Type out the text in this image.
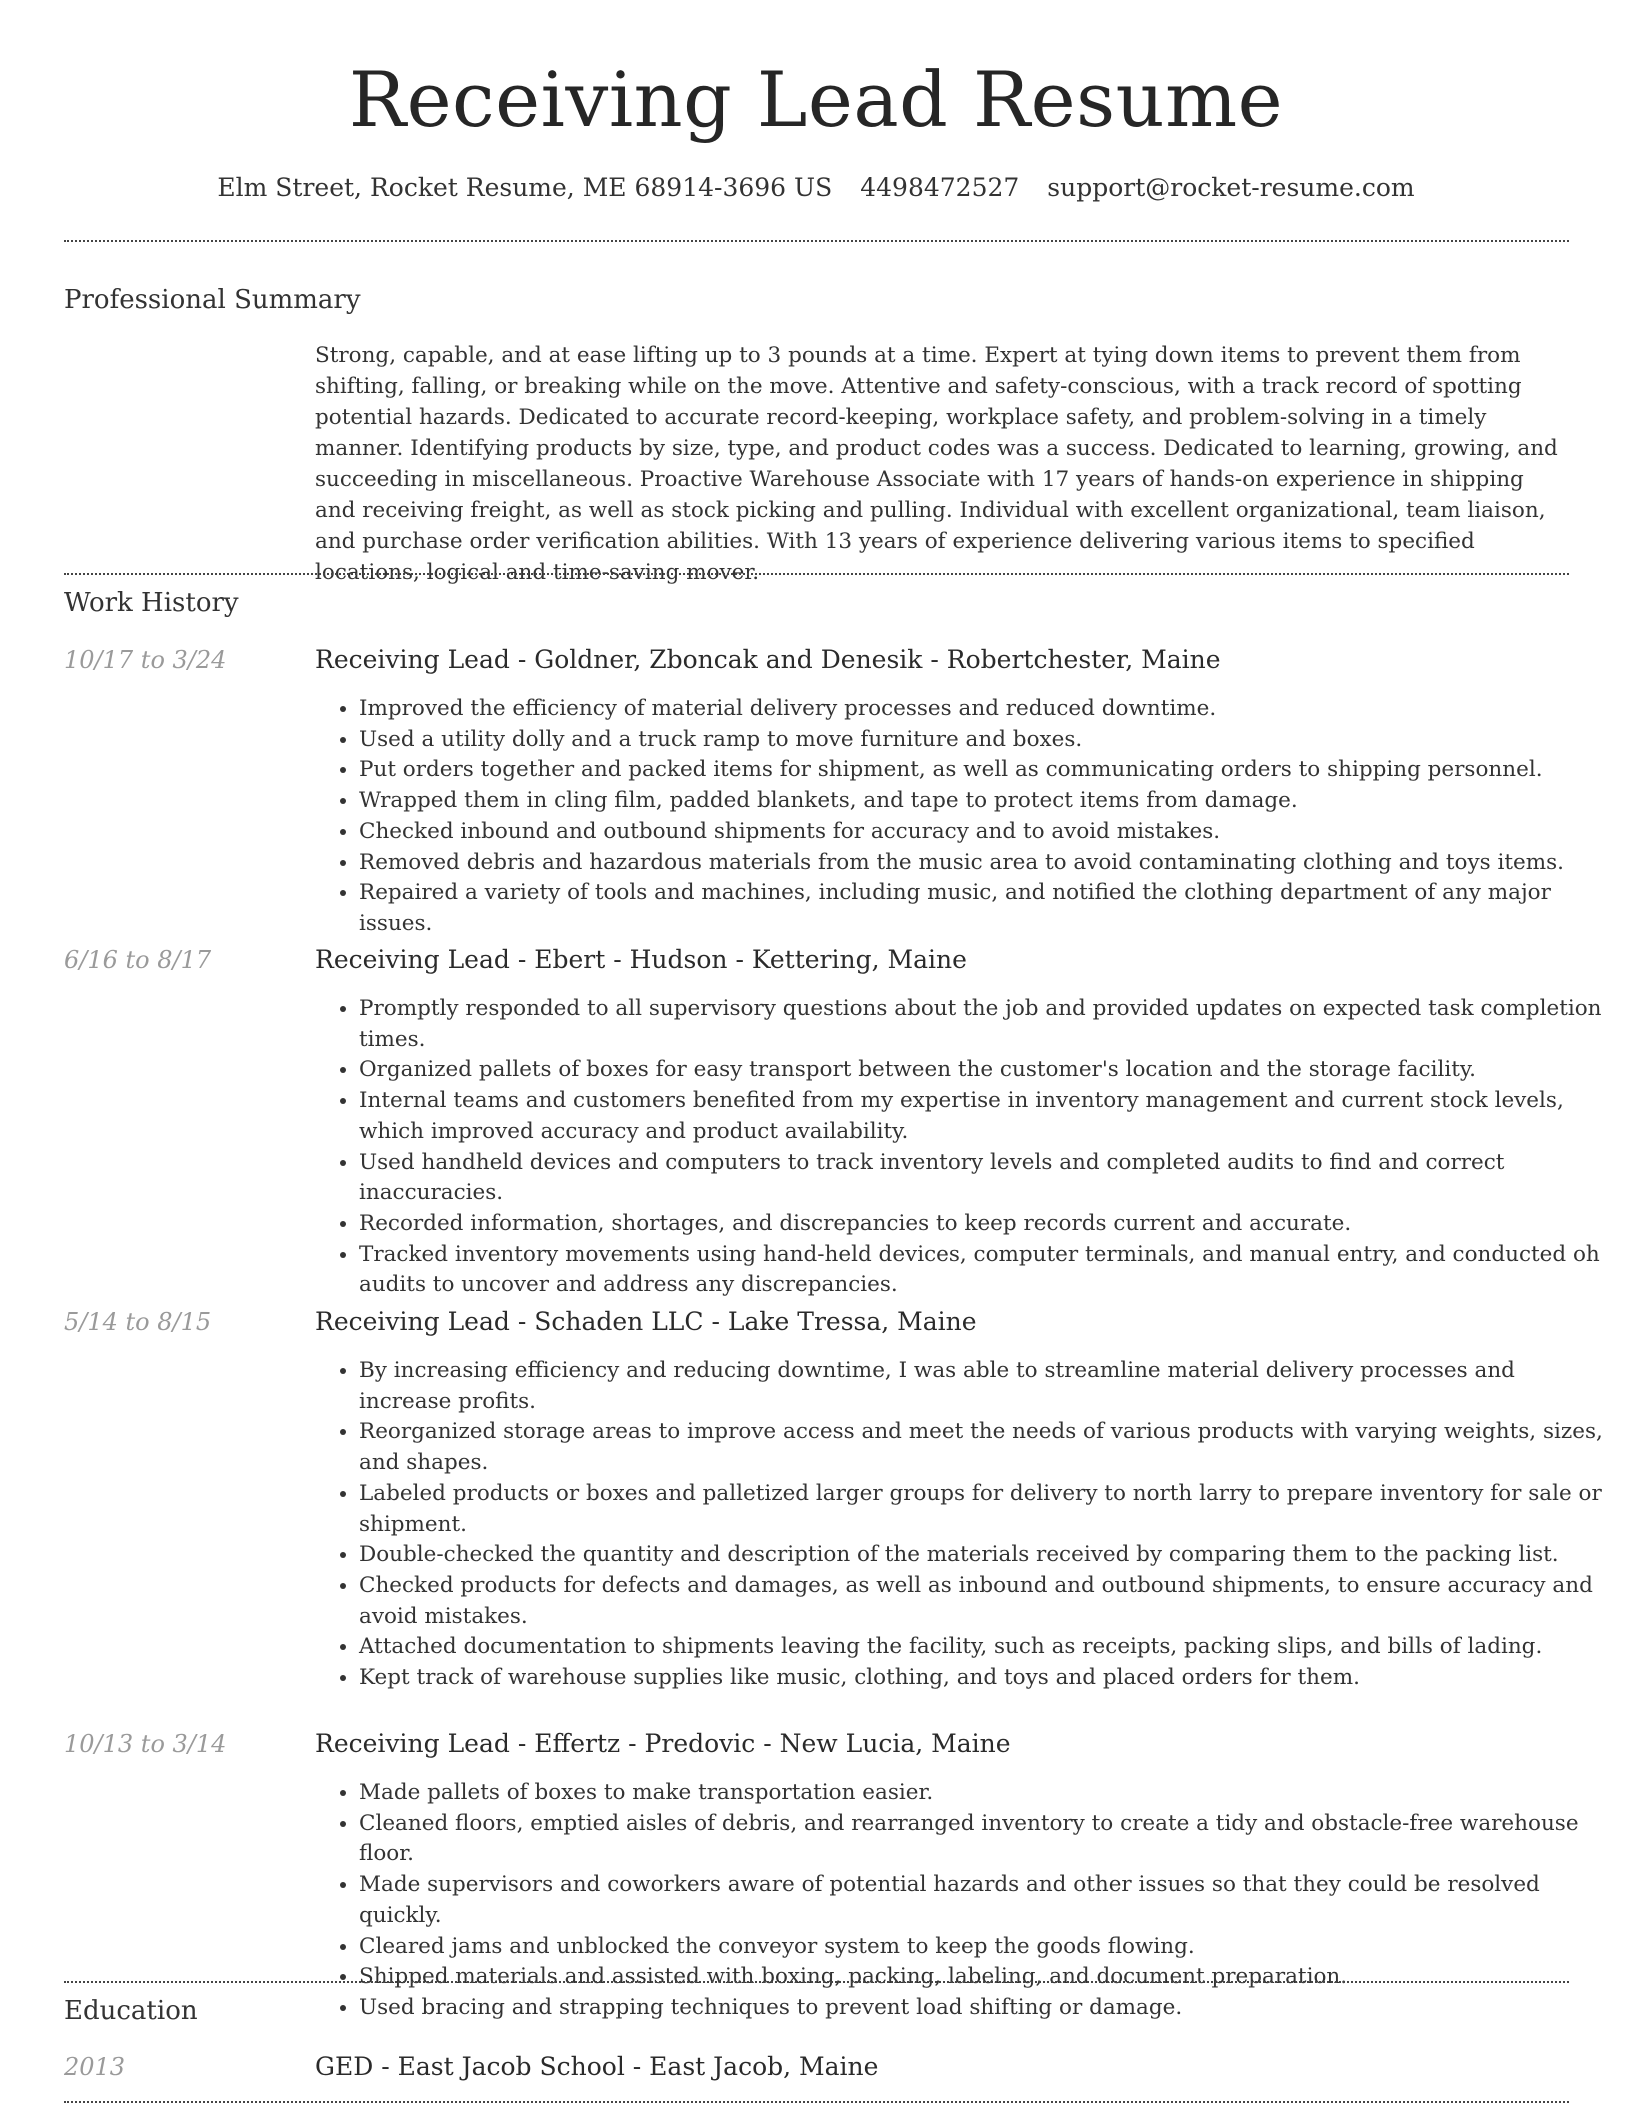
Receiving Lead Resume
Elm Street, Rocket Resume, ME 68914-3696 US 4498472527 support@rocket-resume.com
Professional Summary
Strong, capable, and at ease lifting up to 3 pounds at a time. Expert at tying down items to prevent them from shifting, falling, or breaking while on the move. Attentive and safety-conscious, with a track record of spotting potential hazards. Dedicated to accurate record-keeping, workplace safety, and problem-solving in a timely manner. Identifying products by size, type, and product codes was a success. Dedicated to learning, growing, and succeeding in miscellaneous. Proactive Warehouse Associate with 17 years of hands-on experience in shipping and receiving freight, as well as stock picking and pulling. Individual with excellent organizational, team liaison, and purchase order verification abilities. With 13 years of experience delivering various items to specified locations, logical and time-saving mover.
Work History
10/17 to 3/24	Receiving Lead - Goldner, Zboncak and Denesik - Robertchester, Maine
• Improved the efficiency of material delivery processes and reduced downtime.
• Used a utility dolly and a truck ramp to move furniture and boxes.
• Put orders together and packed items for shipment, as well as communicating orders to shipping personnel.
• Wrapped them in cling film, padded blankets, and tape to protect items from damage.
• Checked inbound and outbound shipments for accuracy and to avoid mistakes.
• Removed debris and hazardous materials from the music area to avoid contaminating clothing and toys items.
• Repaired a variety of tools and machines, including music, and notified the clothing department of any major issues.
6/16 to 8/17	Receiving Lead - Ebert - Hudson - Kettering, Maine
• Promptly responded to all supervisory questions about the job and provided updates on expected task completion times.
• Organized pallets of boxes for easy transport between the customer's location and the storage facility.
• Internal teams and customers benefited from my expertise in inventory management and current stock levels, which improved accuracy and product availability.
• Used handheld devices and computers to track inventory levels and completed audits to find and correct inaccuracies.
• Recorded information, shortages, and discrepancies to keep records current and accurate.
• Tracked inventory movements using hand-held devices, computer terminals, and manual entry, and conducted oh audits to uncover and address any discrepancies.
5/14 to 8/15	Receiving Lead - Schaden LLC - Lake Tressa, Maine
• By increasing efficiency and reducing downtime, I was able to streamline material delivery processes and increase profits.
• Reorganized storage areas to improve access and meet the needs of various products with varying weights, sizes, and shapes.
• Labeled products or boxes and palletized larger groups for delivery to north larry to prepare inventory for sale or shipment.
• Double-checked the quantity and description of the materials received by comparing them to the packing list.
• Checked products for defects and damages, as well as inbound and outbound shipments, to ensure accuracy and avoid mistakes.
• Attached documentation to shipments leaving the facility, such as receipts, packing slips, and bills of lading.
• Kept track of warehouse supplies like music, clothing, and toys and placed orders for them.
10/13 to 3/14	Receiving Lead - Effertz - Predovic - New Lucia, Maine
• Made pallets of boxes to make transportation easier.
• Cleaned floors, emptied aisles of debris, and rearranged inventory to create a tidy and obstacle-free warehouse floor.
• Made supervisors and coworkers aware of potential hazards and other issues so that they could be resolved quickly.
• Cleared jams and unblocked the conveyor system to keep the goods flowing.
• Shipped materials and assisted with boxing, packing, labeling, and document preparation.
• Used bracing and strapping techniques to prevent load shifting or damage.
Education
2013	GED - East Jacob School - East Jacob, Maine
